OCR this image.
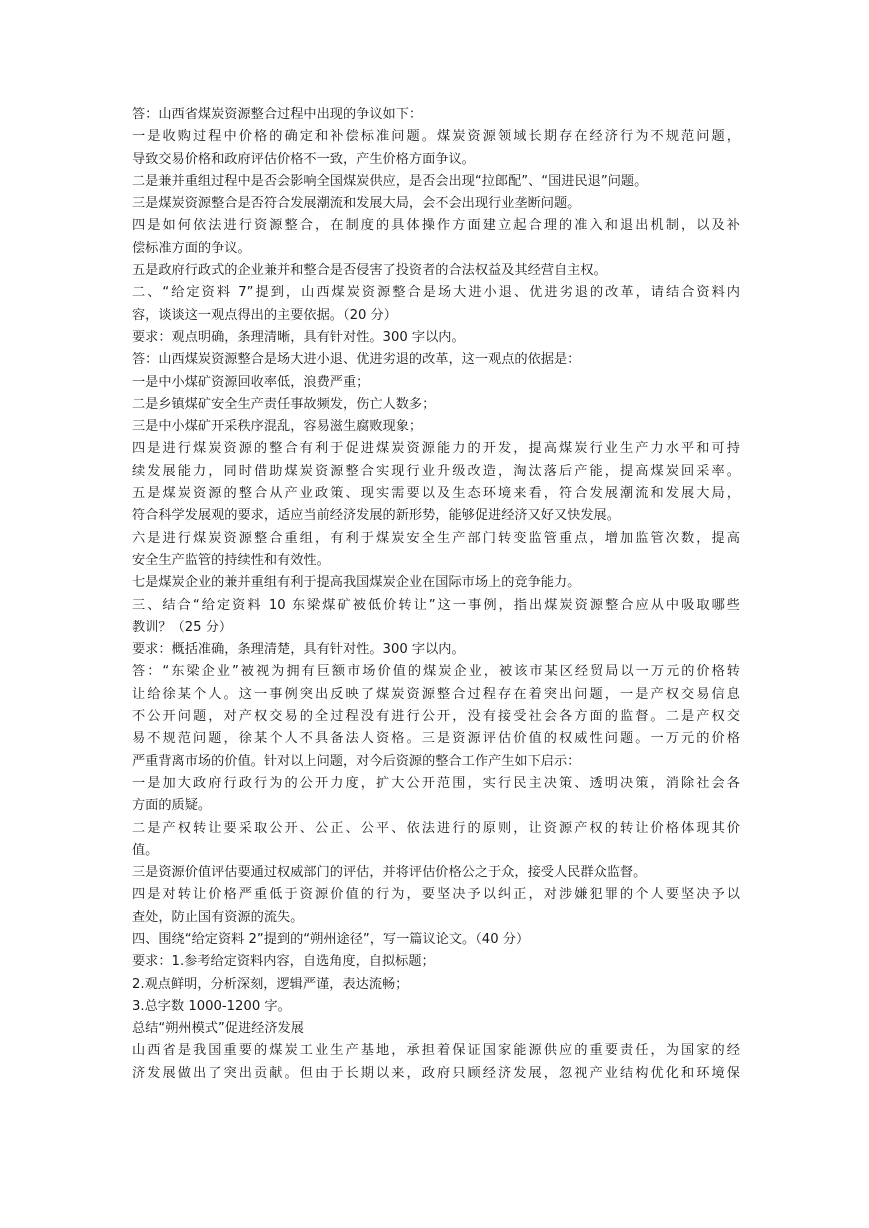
答：山西省煤炭资源整合过程中出现的争议如下：
一是收购过程中价格的确定和补偿标准问题。煤炭资源领域长期存在经济行为不规范问题，
导致交易价格和政府评估价格不一致，产生价格方面争议。
二是兼并重组过程中是否会影响全国煤炭供应，是否会出现“拉郎配”、“国进民退”问题。
三是煤炭资源整合是否符合发展潮流和发展大局，会不会出现行业垄断问题。
四是如何依法进行资源整合，在制度的具体操作方面建立起合理的准入和退出机制，以及补
偿标准方面的争议。
五是政府行政式的企业兼并和整合是否侵害了投资者的合法权益及其经营自主权。
二、“给定资料 7”提到，山西煤炭资源整合是场大进小退、优进劣退的改革，请结合资料内
容，谈谈这一观点得出的主要依据。（20 分）
要求：观点明确，条理清晰，具有针对性。300 字以内。
答：山西煤炭资源整合是场大进小退、优进劣退的改革，这一观点的依据是：
一是中小煤矿资源回收率低，浪费严重；
二是乡镇煤矿安全生产责任事故频发，伤亡人数多；
三是中小煤矿开采秩序混乱，容易滋生腐败现象；
四是进行煤炭资源的整合有利于促进煤炭资源能力的开发，提高煤炭行业生产力水平和可持
续发展能力，同时借助煤炭资源整合实现行业升级改造，淘汰落后产能，提高煤炭回采率。
五是煤炭资源的整合从产业政策、现实需要以及生态环境来看，符合发展潮流和发展大局，
符合科学发展观的要求，适应当前经济发展的新形势，能够促进经济又好又快发展。
六是进行煤炭资源整合重组，有利于煤炭安全生产部门转变监管重点，增加监管次数，提高
安全生产监管的持续性和有效性。
七是煤炭企业的兼并重组有利于提高我国煤炭企业在国际市场上的竞争能力。
三、结合“给定资料 10 东梁煤矿被低价转让”这一事例，指出煤炭资源整合应从中吸取哪些
教训？（25 分）
要求：概括准确，条理清楚，具有针对性。300 字以内。
答：“东梁企业”被视为拥有巨额市场价值的煤炭企业，被该市某区经贸局以一万元的价格转
让给徐某个人。这一事例突出反映了煤炭资源整合过程存在着突出问题，一是产权交易信息
不公开问题，对产权交易的全过程没有进行公开，没有接受社会各方面的监督。二是产权交
易不规范问题，徐某个人不具备法人资格。三是资源评估价值的权威性问题。一万元的价格
严重背离市场的价值。针对以上问题，对今后资源的整合工作产生如下启示：
一是加大政府行政行为的公开力度，扩大公开范围，实行民主决策、透明决策，消除社会各
方面的质疑。
二是产权转让要采取公开、公正、公平、依法进行的原则，让资源产权的转让价格体现其价
值。
三是资源价值评估要通过权威部门的评估，并将评估价格公之于众，接受人民群众监督。
四是对转让价格严重低于资源价值的行为，要坚决予以纠正，对涉嫌犯罪的个人要坚决予以
查处，防止国有资源的流失。
四、围绕“给定资料 2”提到的“朔州途径”，写一篇议论文。（40 分）
要求：1.参考给定资料内容，自选角度，自拟标题；
2.观点鲜明，分析深刻，逻辑严谨，表达流畅；
3.总字数 1000-1200 字。
总结“朔州模式”促进经济发展
山西省是我国重要的煤炭工业生产基地，承担着保证国家能源供应的重要责任，为国家的经
济发展做出了突出贡献。但由于长期以来，政府只顾经济发展，忽视产业结构优化和环境保
